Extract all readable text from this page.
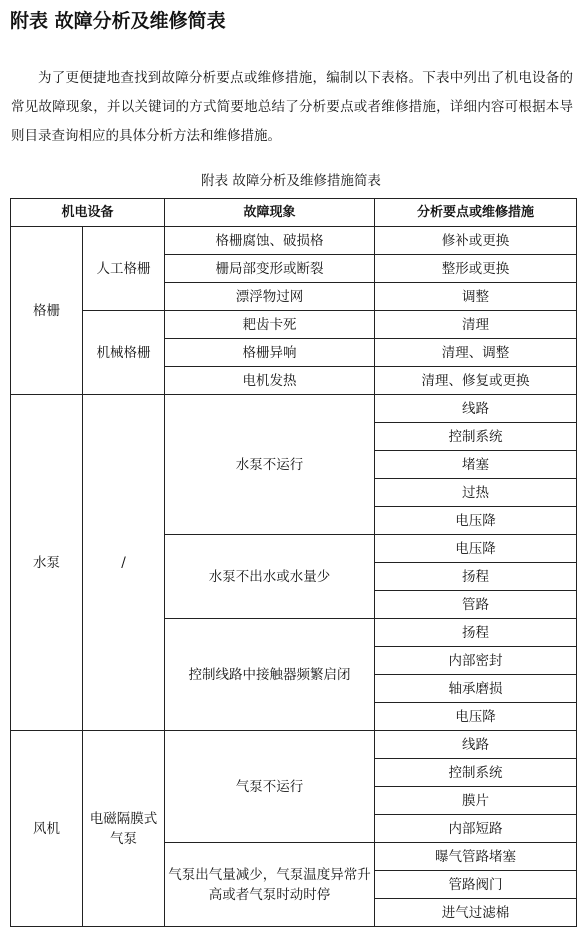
附表 故障分析及维修简表

为了更便捷地查找到故障分析要点或维修措施，编制以下表格。下表中列出了机电设备的常见故障现象，并以关键词的方式简要地总结了分析要点或者维修措施，详细内容可根据本导则目录查询相应的具体分析方法和维修措施。

附表 故障分析及维修措施简表

机电设备		故障现象	分析要点或维修措施
格栅	人工格栅	格栅腐蚀、破损格	修补或更换
		栅局部变形或断裂	整形或更换
		漂浮物过网	调整
	机械格栅	耙齿卡死	清理
		格栅异响	清理、调整
		电机发热	清理、修复或更换
水泵	/	水泵不运行	线路
			控制系统
			堵塞
			过热
			电压降
		水泵不出水或水量少	电压降
			扬程
			管路
		控制线路中接触器频繁启闭	扬程
			内部密封
			轴承磨损
			电压降
风机	电磁隔膜式气泵	气泵不运行	线路
			控制系统
			膜片
			内部短路
		气泵出气量减少，气泵温度异常升高或者气泵时动时停	曝气管路堵塞
			管路阀门
			进气过滤棉
